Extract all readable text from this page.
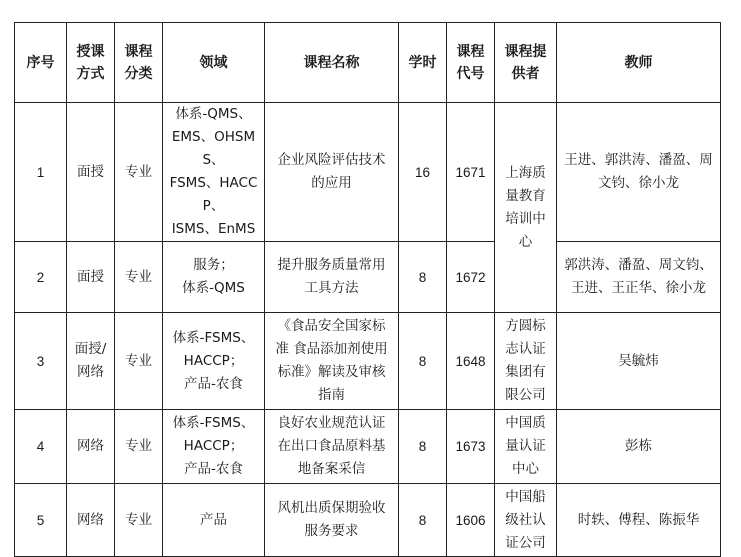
序号	授课方式	课程分类	领域	课程名称	学时	课程代号	课程提供者	教师
1	面授	专业	体系-QMS、
EMS、OHSMS、
FSMS、HACCP、
ISMS、EnMS	企业风险评估技术的应用	16	1671	上海质量教育培训中心	王进、郭洪涛、潘盈、周文钧、徐小龙
2	面授	专业	服务；
体系-QMS	提升服务质量常用工具方法	8	1672		郭洪涛、潘盈、周文钧、王进、王正华、徐小龙
3	面授/网络	专业	体系-FSMS、
HACCP；
产品-农食	《食品安全国家标准 食品添加剂使用标准》解读及审核指南	8	1648	方圆标志认证集团有限公司	吴毓炜
4	网络	专业	体系-FSMS、
HACCP；
产品-农食	良好农业规范认证在出口食品原料基地备案采信	8	1673	中国质量认证中心	彭栋
5	网络	专业	产品	风机出质保期验收服务要求	8	1606	中国船级社认证公司	时轶、傅程、陈振华
